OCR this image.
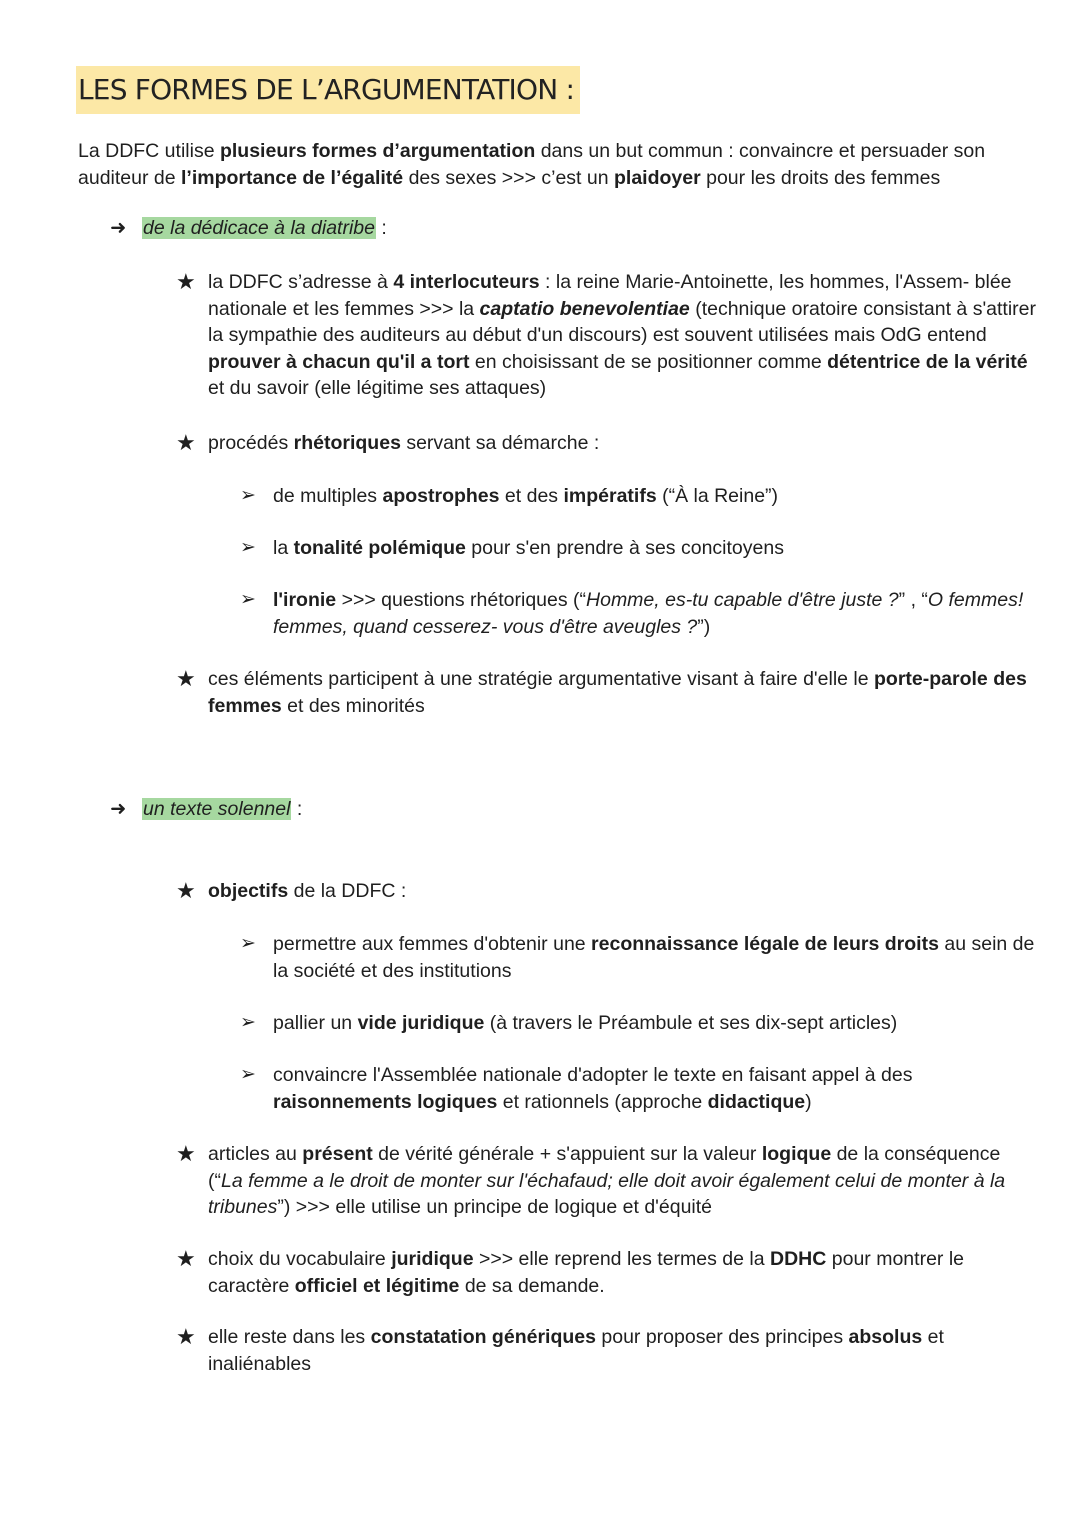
LES FORMES DE L’ARGUMENTATION :

La DDFC utilise plusieurs formes d’argumentation dans un but commun : convaincre et persuader son auditeur de l’importance de l’égalité des sexes >>> c’est un plaidoyer pour les droits des femmes

➜ de la dédicace à la diatribe :
★ la DDFC s’adresse à 4 interlocuteurs : la reine Marie-Antoinette, les hommes, l'Assem- blée nationale et les femmes >>> la captatio benevolentiae (technique oratoire consistant à s'attirer la sympathie des auditeurs au début d'un discours) est souvent utilisées mais OdG entend prouver à chacun qu'il a tort en choisissant de se positionner comme détentrice de la vérité et du savoir (elle légitime ses attaques)
★ procédés rhétoriques servant sa démarche :
➢ de multiples apostrophes et des impératifs (“À la Reine”)
➢ la tonalité polémique pour s'en prendre à ses concitoyens
➢ l'ironie >>> questions rhétoriques (“Homme, es-tu capable d'être juste ?” , “O femmes! femmes, quand cesserez- vous d'être aveugles ?”)
★ ces éléments participent à une stratégie argumentative visant à faire d'elle le porte-parole des femmes et des minorités
➜ un texte solennel :
★ objectifs de la DDFC :
➢ permettre aux femmes d'obtenir une reconnaissance légale de leurs droits au sein de la société et des institutions
➢ pallier un vide juridique (à travers le Préambule et ses dix-sept articles)
➢ convaincre l'Assemblée nationale d'adopter le texte en faisant appel à des raisonnements logiques et rationnels (approche didactique)
★ articles au présent de vérité générale + s'appuient sur la valeur logique de la conséquence (“La femme a le droit de monter sur l'échafaud; elle doit avoir également celui de monter à la tribunes”) >>> elle utilise un principe de logique et d'équité
★ choix du vocabulaire juridique >>> elle reprend les termes de la DDHC pour montrer le caractère officiel et légitime de sa demande.
★ elle reste dans les constatation génériques pour proposer des principes absolus et inaliénables
